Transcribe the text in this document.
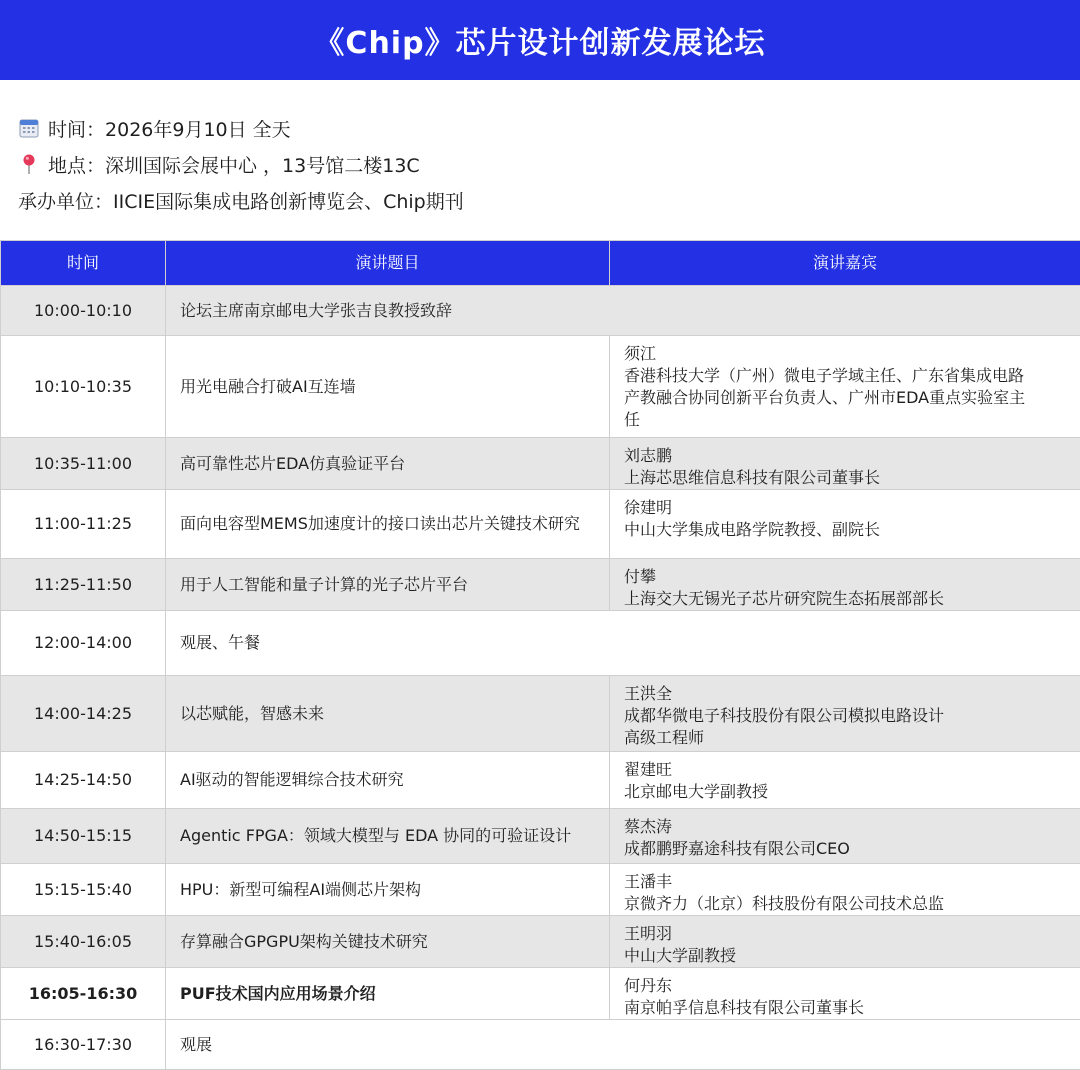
《Chip》芯片设计创新发展论坛
时间： 2026年9月10日 全天
地点： 深圳国际会展中心 ，13号馆二楼13C
承办单位： IICIE国际集成电路创新博览会、Chip期刊
时间	演讲题目	演讲嘉宾
10:00-10:10	论坛主席南京邮电大学张吉良教授致辞	
10:10-10:35	用光电融合打破AI互连墙	须江
香港科技大学（广州）微电子学域主任、广东省集成电路
产教融合协同创新平台负责人、广州市EDA重点实验室主
任

10:35-11:00	高可靠性芯片EDA仿真验证平台	刘志鹏
上海芯思维信息科技有限公司董事长

11:00-11:25	面向电容型MEMS加速度计的接口读出芯片关键技术研究	徐建明
中山大学集成电路学院教授、副院长

11:25-11:50	用于人工智能和量子计算的光子芯片平台	付攀
上海交大无锡光子芯片研究院生态拓展部部长

12:00-14:00	观展、午餐	
14:00-14:25	以芯赋能，智感未来	王洪全
成都华微电子科技股份有限公司模拟电路设计
高级工程师

14:25-14:50	AI驱动的智能逻辑综合技术研究	翟建旺
北京邮电大学副教授

14:50-15:15	Agentic FPGA：领域大模型与 EDA 协同的可验证设计	蔡杰涛
成都鹏野嘉途科技有限公司CEO

15:15-15:40	HPU：新型可编程AI端侧芯片架构	王潘丰
京微齐力（北京）科技股份有限公司技术总监

15:40-16:05	存算融合GPGPU架构关键技术研究	王明羽
中山大学副教授

16:05-16:30	PUF技术国内应用场景介绍	何丹东
南京帕孚信息科技有限公司董事长

16:30-17:30	观展	
